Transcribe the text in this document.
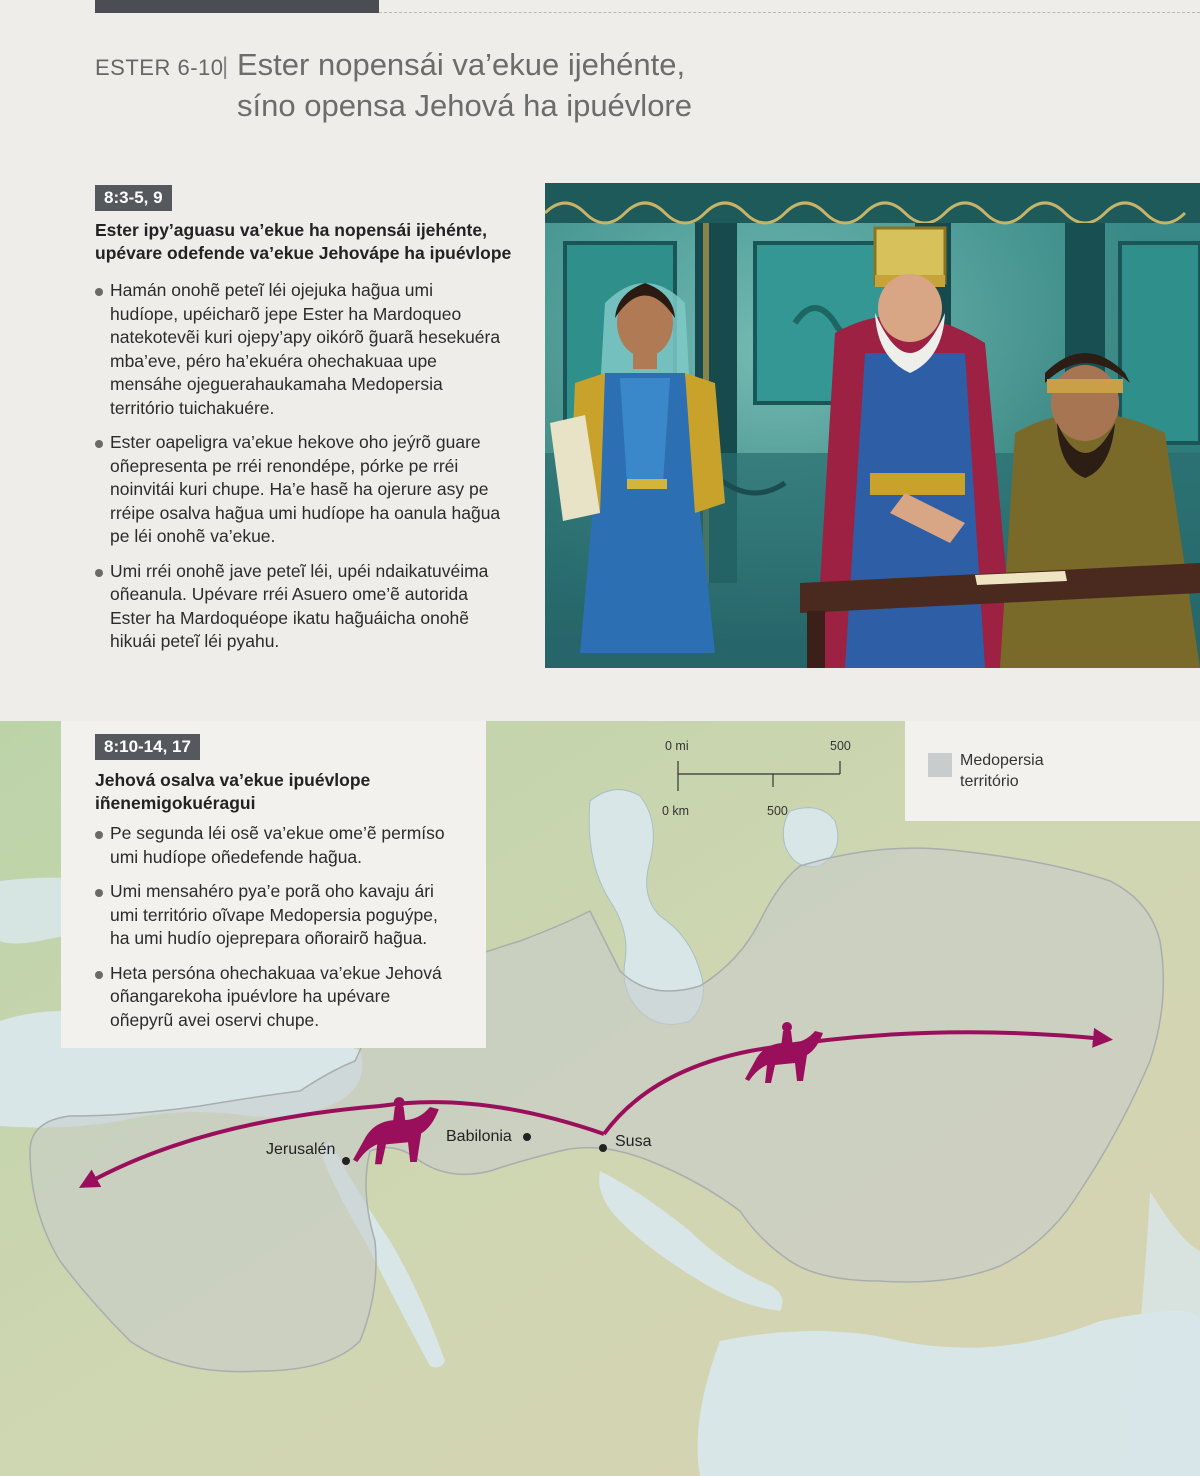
ESTER 6-10
| Ester nopensái va’ekue ijehénte,
síno opensa Jehová ha ipuévlore
8:3-5, 9
Ester ipy’aguasu va’ekue ha nopensái ijehénte,
upévare odefende va’ekue Jehovápe ha ipuévlope
Hamán onohẽ peteĩ léi ojejuka hag̃ua umi
hudíope, upéicharõ jepe Ester ha Mardoqueo
natekotevẽi kuri ojepy’apy oikórõ g̃uarã hesekuéra
mba’eve, péro ha’ekuéra ohechakuaa upe
mensáhe ojeguerahaukamaha Medopersia
território tuichakuére.
Ester oapeligra va’ekue hekove oho jeýrõ guare
oñepresenta pe rréi renondépe, pórke pe rréi
noinvitái kuri chupe. Ha’e hasẽ ha ojerure asy pe
rréipe osalva hag̃ua umi hudíope ha oanula hag̃ua
pe léi onohẽ va’ekue.
Umi rréi onohẽ jave peteĩ léi, upéi ndaikatuvéima
oñeanula. Upévare rréi Asuero ome’ẽ autorida
Ester ha Mardoquéope ikatu hag̃uáicha onohẽ
hikuái peteĩ léi pyahu.
0 mi	500
0 km	500
Jerusalén
Babilonia	Susa
Medopersia território
8:10-14, 17
Jehová osalva va’ekue ipuévlope
iñenemigokuéragui
Pe segunda léi osẽ va’ekue ome’ẽ permíso
umi hudíope oñedefende hag̃ua.
Umi mensahéro pya’e porã oho kavaju ári
umi território oĩvape Medopersia poguýpe,
ha umi hudío ojeprepara oñorairõ hag̃ua.
Heta persóna ohechakuaa va’ekue Jehová
oñangarekoha ipuévlore ha upévare
oñepyrũ avei oservi chupe.
